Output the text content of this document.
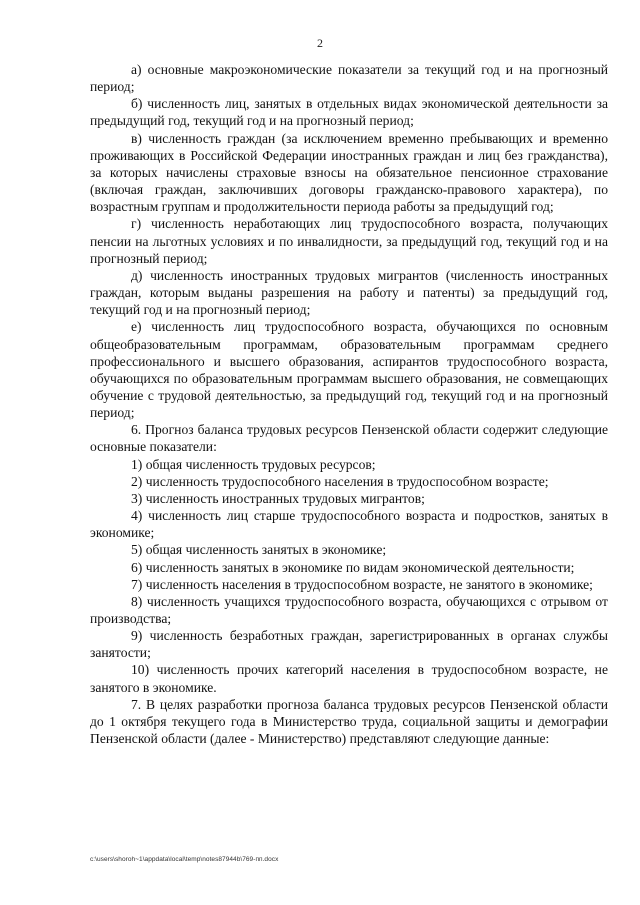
2

а) основные макроэкономические показатели за текущий год и на прогнозный период;

б) численность лиц, занятых в отдельных видах экономической деятельности за предыдущий год, текущий год и на прогнозный период;

в) численность граждан (за исключением временно пребывающих и временно проживающих в Российской Федерации иностранных граждан и лиц без гражданства), за которых начислены страховые взносы на обязательное пенсионное страхование (включая граждан, заключивших договоры гражданско-правового характера), по возрастным группам и продолжительности периода работы за предыдущий год;

г) численность неработающих лиц трудоспособного возраста, получающих пенсии на льготных условиях и по инвалидности, за предыдущий год, текущий год и на прогнозный период;

д) численность иностранных трудовых мигрантов (численность иностранных граждан, которым выданы разрешения на работу и патенты) за предыдущий год, текущий год и на прогнозный период;

е) численность лиц трудоспособного возраста, обучающихся по основным общеобразовательным программам, образовательным программам среднего профессионального и высшего образования, аспирантов трудоспособного возраста, обучающихся по образовательным программам высшего образования, не совмещающих обучение с трудовой деятельностью, за предыдущий год, текущий год и на прогнозный период;

6. Прогноз баланса трудовых ресурсов Пензенской области содержит следующие основные показатели:

1) общая численность трудовых ресурсов;

2) численность трудоспособного населения в трудоспособном возрасте;

3) численность иностранных трудовых мигрантов;

4) численность лиц старше трудоспособного возраста и подростков, занятых в экономике;

5) общая численность занятых в экономике;

6) численность занятых в экономике по видам экономической деятельности;

7) численность населения в трудоспособном возрасте, не занятого в экономике;

8) численность учащихся трудоспособного возраста, обучающихся с отрывом от производства;

9) численность безработных граждан, зарегистрированных в органах службы занятости;

10) численность прочих категорий населения в трудоспособном возрасте, не занятого в экономике.

7. В целях разработки прогноза баланса трудовых ресурсов Пензенской области до 1 октября текущего года в Министерство труда, социальной защиты и демографии Пензенской области (далее - Министерство) представляют следующие данные:

c:\users\shoroh~1\appdata\local\temp\notes87944b\769-пп.docx
